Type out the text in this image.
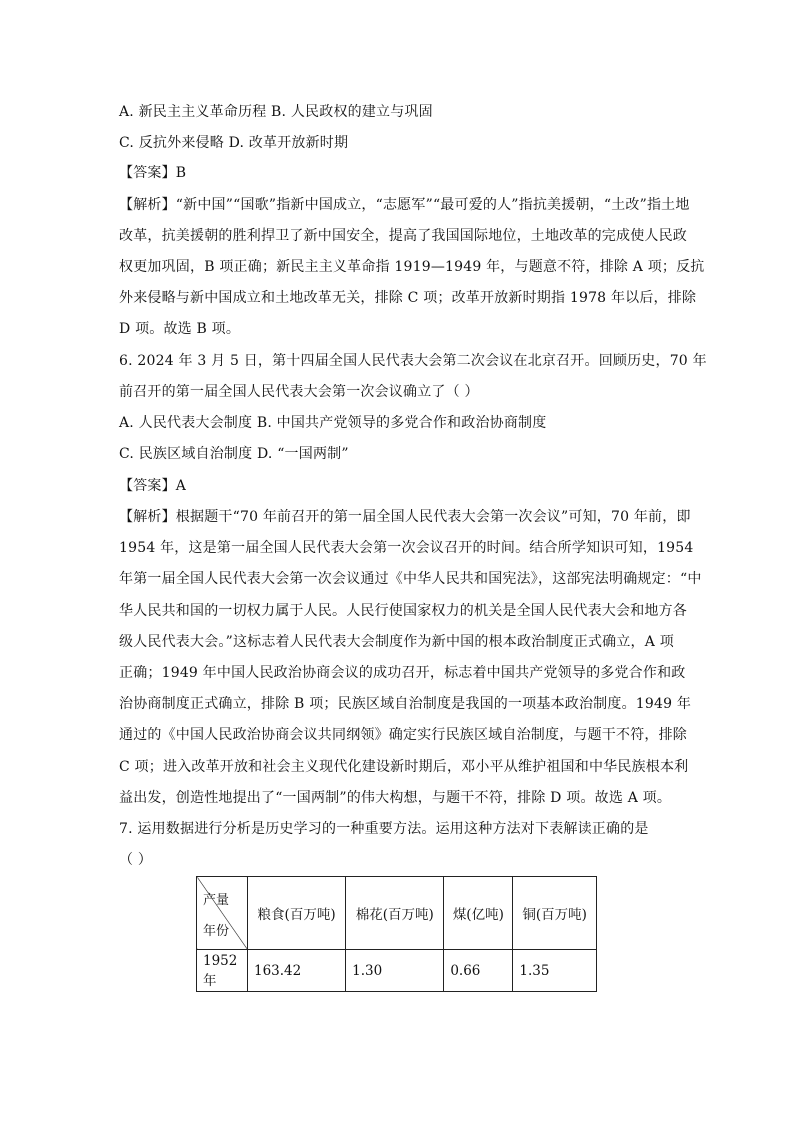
A. 新民主主义革命历程 B. 人民政权的建立与巩固
C. 反抗外来侵略 D. 改革开放新时期
【答案】B
【解析】“新中国”“国歌”指新中国成立，“志愿军”“最可爱的人”指抗美援朝，“土改”指土地
改革，抗美援朝的胜利捍卫了新中国安全，提高了我国国际地位，土地改革的完成使人民政
权更加巩固，B 项正确；新民主主义革命指 1919—1949 年，与题意不符，排除 A 项；反抗
外来侵略与新中国成立和土地改革无关，排除 C 项；改革开放新时期指 1978 年以后，排除
D 项。故选 B 项。
6. 2024 年 3 月 5 日，第十四届全国人民代表大会第二次会议在北京召开。回顾历史，70 年
前召开的第一届全国人民代表大会第一次会议确立了（ ）
A. 人民代表大会制度 B. 中国共产党领导的多党合作和政治协商制度
C. 民族区域自治制度 D. “一国两制”
【答案】A
【解析】根据题干“70 年前召开的第一届全国人民代表大会第一次会议”可知，70 年前，即
1954 年，这是第一届全国人民代表大会第一次会议召开的时间。结合所学知识可知，1954
年第一届全国人民代表大会第一次会议通过《中华人民共和国宪法》，这部宪法明确规定：“中
华人民共和国的一切权力属于人民。人民行使国家权力的机关是全国人民代表大会和地方各
级人民代表大会。”这标志着人民代表大会制度作为新中国的根本政治制度正式确立，A 项
正确；1949 年中国人民政治协商会议的成功召开，标志着中国共产党领导的多党合作和政
治协商制度正式确立，排除 B 项；民族区域自治制度是我国的一项基本政治制度。1949 年
通过的《中国人民政治协商会议共同纲领》确定实行民族区域自治制度，与题干不符，排除
C 项；进入改革开放和社会主义现代化建设新时期后，邓小平从维护祖国和中华民族根本利
益出发，创造性地提出了“一国两制”的伟大构想，与题干不符，排除 D 项。故选 A 项。
7. 运用数据进行分析是历史学习的一种重要方法。运用这种方法对下表解读正确的是
（ ）
产量
年份	粮食(百万吨)	棉花(百万吨)	煤(亿吨)	铜(百万吨)
1952 年	163.42	1.30	0.66	1.35
